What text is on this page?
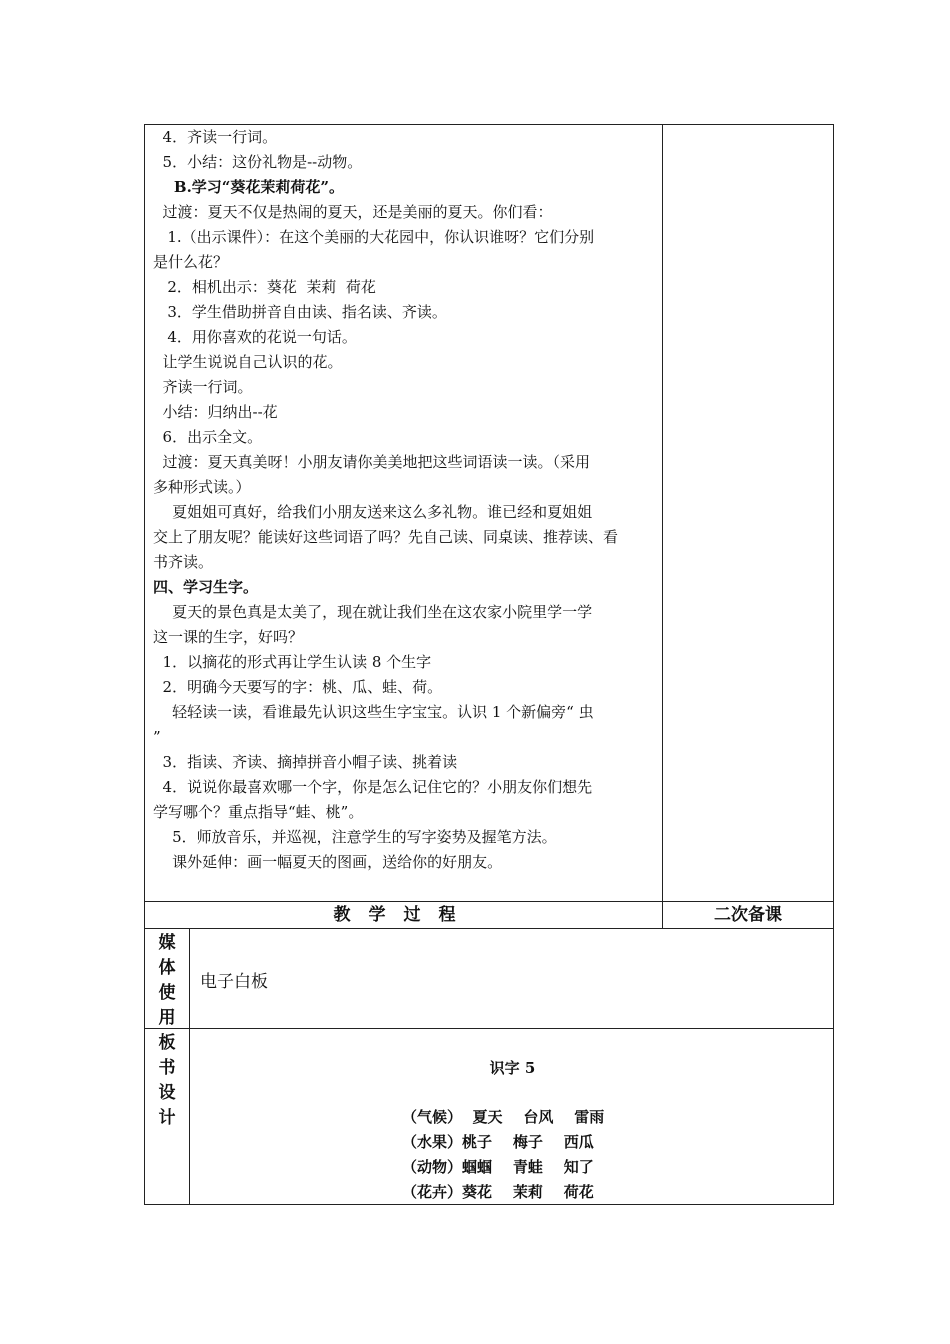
4．齐读一行词。

5．小结：这份礼物是--动物。

B.学习“葵花茉莉荷花”。

过渡：夏天不仅是热闹的夏天，还是美丽的夏天。你们看：

1.（出示课件）：在这个美丽的大花园中，你认识谁呀？它们分别

是什么花？

2．相机出示：葵花  茉莉  荷花

3．学生借助拼音自由读、指名读、齐读。

4．用你喜欢的花说一句话。

让学生说说自己认识的花。

齐读一行词。

小结：归纳出--花

6．出示全文。

过渡：夏天真美呀！小朋友请你美美地把这些词语读一读。（采用

多种形式读。）

夏姐姐可真好，给我们小朋友送来这么多礼物。谁已经和夏姐姐

交上了朋友呢？能读好这些词语了吗？先自己读、同桌读、推荐读、看

书齐读。

四、学习生字。

夏天的景色真是太美了，现在就让我们坐在这农家小院里学一学

这一课的生字，好吗？

1．以摘花的形式再让学生认读 8 个生字

2．明确今天要写的字：桃、瓜、蛙、荷。

轻轻读一读，看谁最先认识这些生字宝宝。认识 1 个新偏旁“ 虫

”

3．指读、齐读、摘掉拼音小帽子读、挑着读

4．说说你最喜欢哪一个字，你是怎么记住它的？小朋友你们想先

学写哪个？重点指导“蛙、桃”。

5．师放音乐，并巡视，注意学生的写字姿势及握笔方法。

课外延伸：画一幅夏天的图画，送给你的好朋友。

教学过程	二次备课
媒
体
使
用
电子白板
板
书
设
计
识字 5
（气候）  夏天    台风    雷雨
（水果）桃子    梅子    西瓜
（动物）蝈蝈    青蛙    知了
（花卉）葵花    茉莉    荷花
